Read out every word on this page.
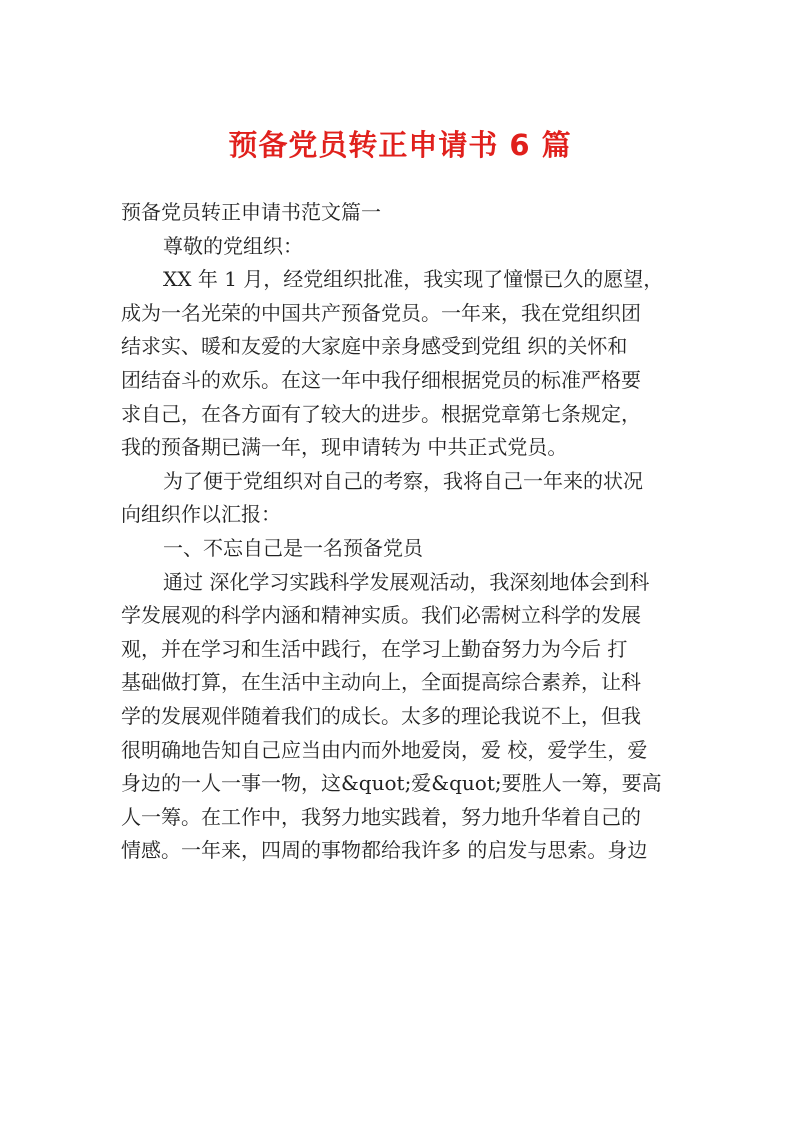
预备党员转正申请书 6 篇
预备党员转正申请书范文篇一
尊敬的党组织：
XX 年 1 月，经党组织批准，我实现了憧憬已久的愿望，
成为一名光荣的中国共产预备党员。一年来，我在党组织团
结求实、暖和友爱的大家庭中亲身感受到党组 织的关怀和
团结奋斗的欢乐。在这一年中我仔细根据党员的标准严格要
求自己，在各方面有了较大的进步。根据党章第七条规定，
我的预备期已满一年，现申请转为 中共正式党员。
为了便于党组织对自己的考察，我将自己一年来的状况
向组织作以汇报：
一、不忘自己是一名预备党员
通过 深化学习实践科学发展观活动，我深刻地体会到科
学发展观的科学内涵和精神实质。我们必需树立科学的发展
观，并在学习和生活中践行，在学习上勤奋努力为今后 打
基础做打算，在生活中主动向上，全面提高综合素养，让科
学的发展观伴随着我们的成长。太多的理论我说不上，但我
很明确地告知自己应当由内而外地爱岗，爱 校，爱学生，爱
身边的一人一事一物，这&quot;爱&quot;要胜人一筹，要高
人一筹。在工作中，我努力地实践着，努力地升华着自己的
情感。一年来，四周的事物都给我许多 的启发与思索。身边
